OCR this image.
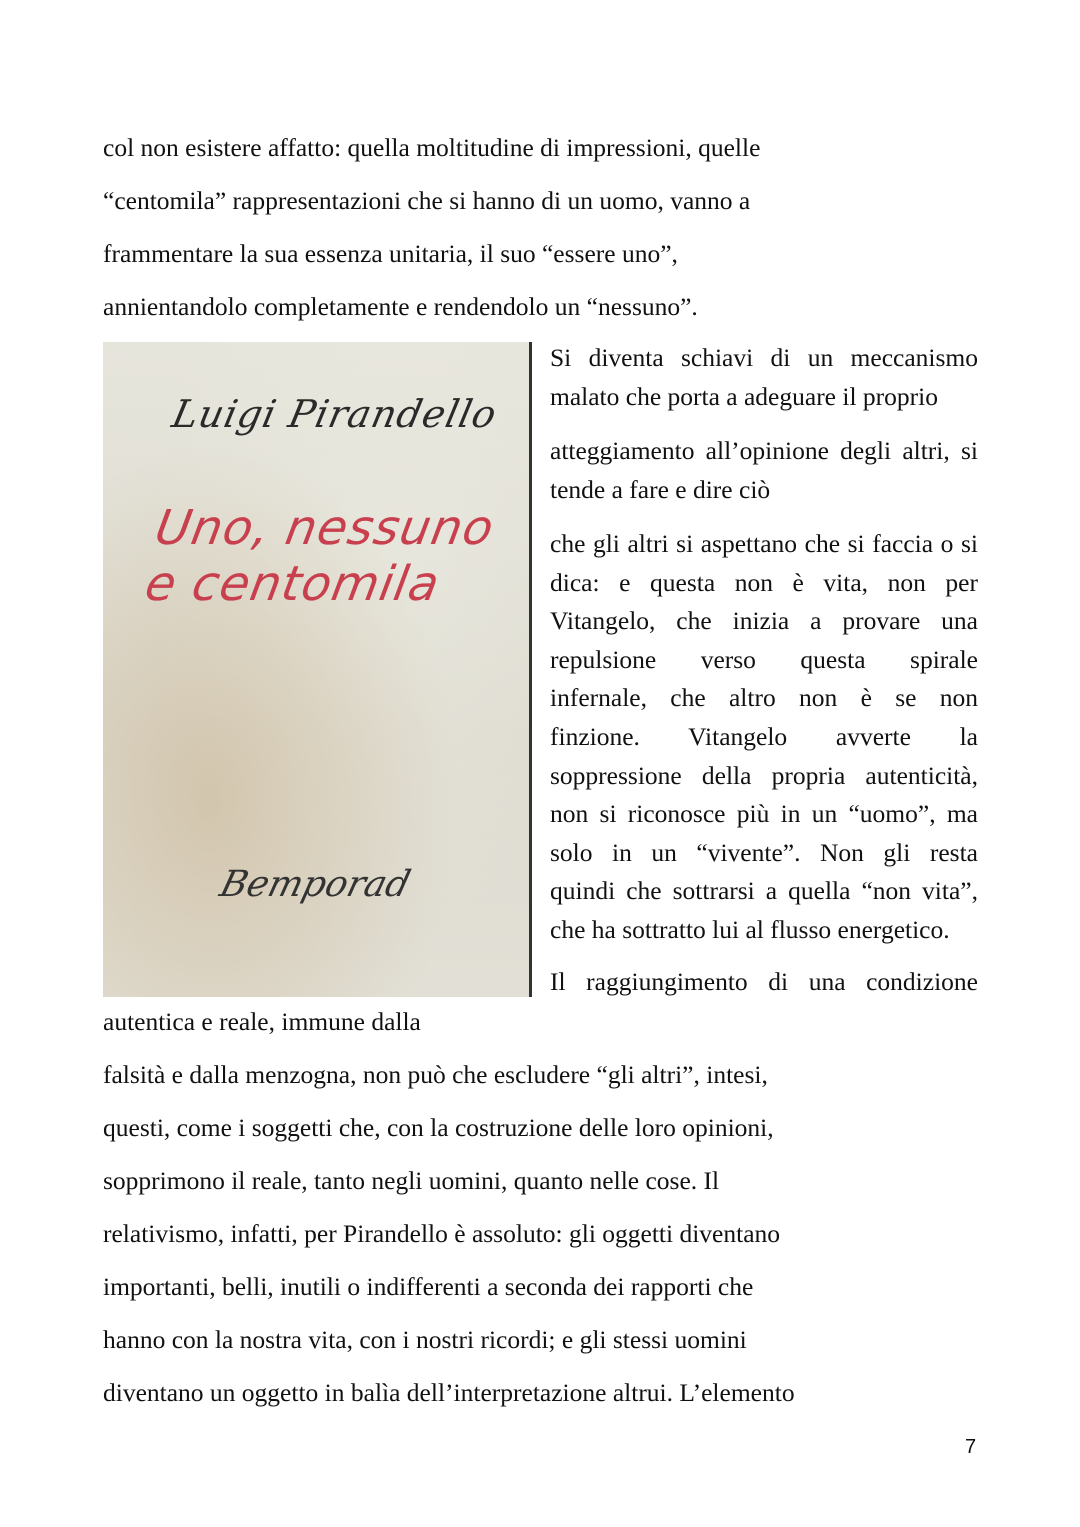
col non esistere affatto: quella moltitudine di impressioni, quelle
“centomila” rappresentazioni che si hanno di un uomo, vanno a
frammentare la sua essenza unitaria, il suo “essere uno”,
annientandolo completamente e rendendolo un “nessuno”.
Luigi Pirandello
Uno, nessuno
e centomila
Bemporad
Si diventa schiavi di un meccanismo
malato che porta a adeguare il proprio
atteggiamento all’opinione degli altri, si
tende a fare e dire ciò
che gli altri si aspettano che si faccia o si
dica: e questa non è vita, non per
Vitangelo, che inizia a provare una
repulsione verso questa spirale
infernale, che altro non è se non
finzione. Vitangelo avverte la
soppressione della propria autenticità,
non si riconosce più in un “uomo”, ma
solo in un “vivente”. Non gli resta
quindi che sottrarsi a quella “non vita”,
che ha sottratto lui al flusso energetico.
Il raggiungimento di una condizione
autentica e reale, immune dalla
falsità e dalla menzogna, non può che escludere “gli altri”, intesi,
questi, come i soggetti che, con la costruzione delle loro opinioni,
sopprimono il reale, tanto negli uomini, quanto nelle cose. Il
relativismo, infatti, per Pirandello è assoluto: gli oggetti diventano
importanti, belli, inutili o indifferenti a seconda dei rapporti che
hanno con la nostra vita, con i nostri ricordi; e gli stessi uomini
diventano un oggetto in balìa dell’interpretazione altrui. L’elemento
7
